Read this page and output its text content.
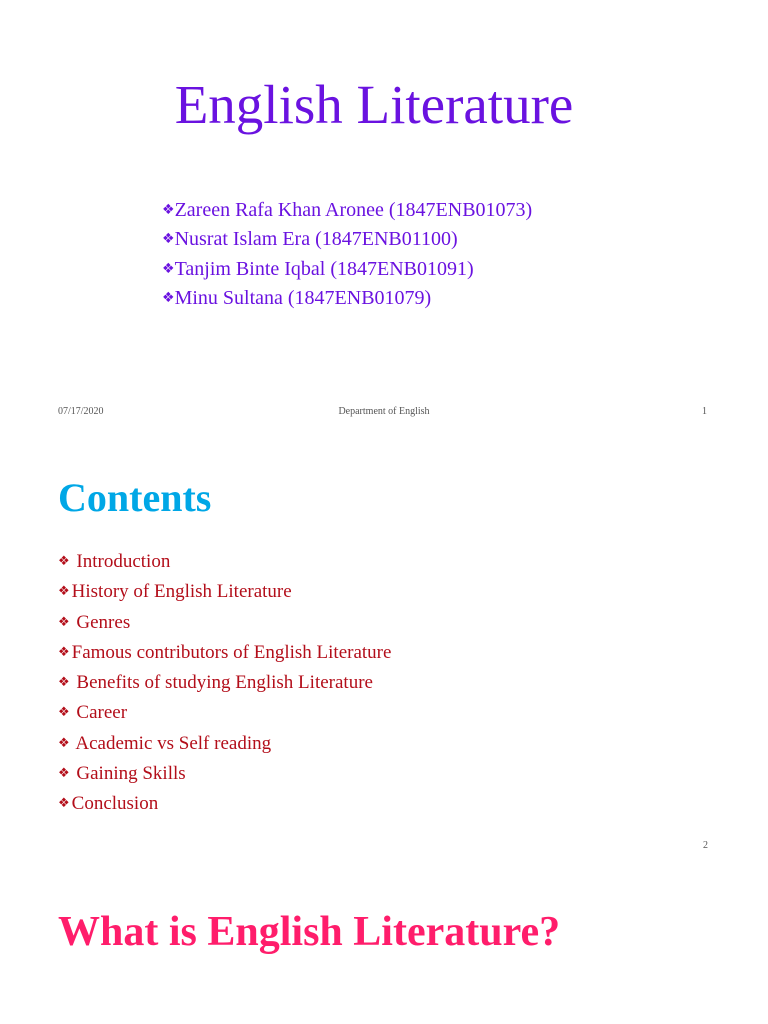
English Literature
❖Zareen Rafa Khan Aronee (1847ENB01073)
❖Nusrat Islam Era (1847ENB01100)
❖Tanjim Binte Iqbal (1847ENB01091)
❖Minu Sultana (1847ENB01079)
07/17/2020	Department of English	1
Contents
❖ Introduction
❖ History of English Literature
❖ Genres
❖ Famous contributors of English Literature
❖ Benefits of studying English Literature
❖ Career
❖ Academic vs Self reading
❖ Gaining Skills
❖ Conclusion
2
What is English Literature?
